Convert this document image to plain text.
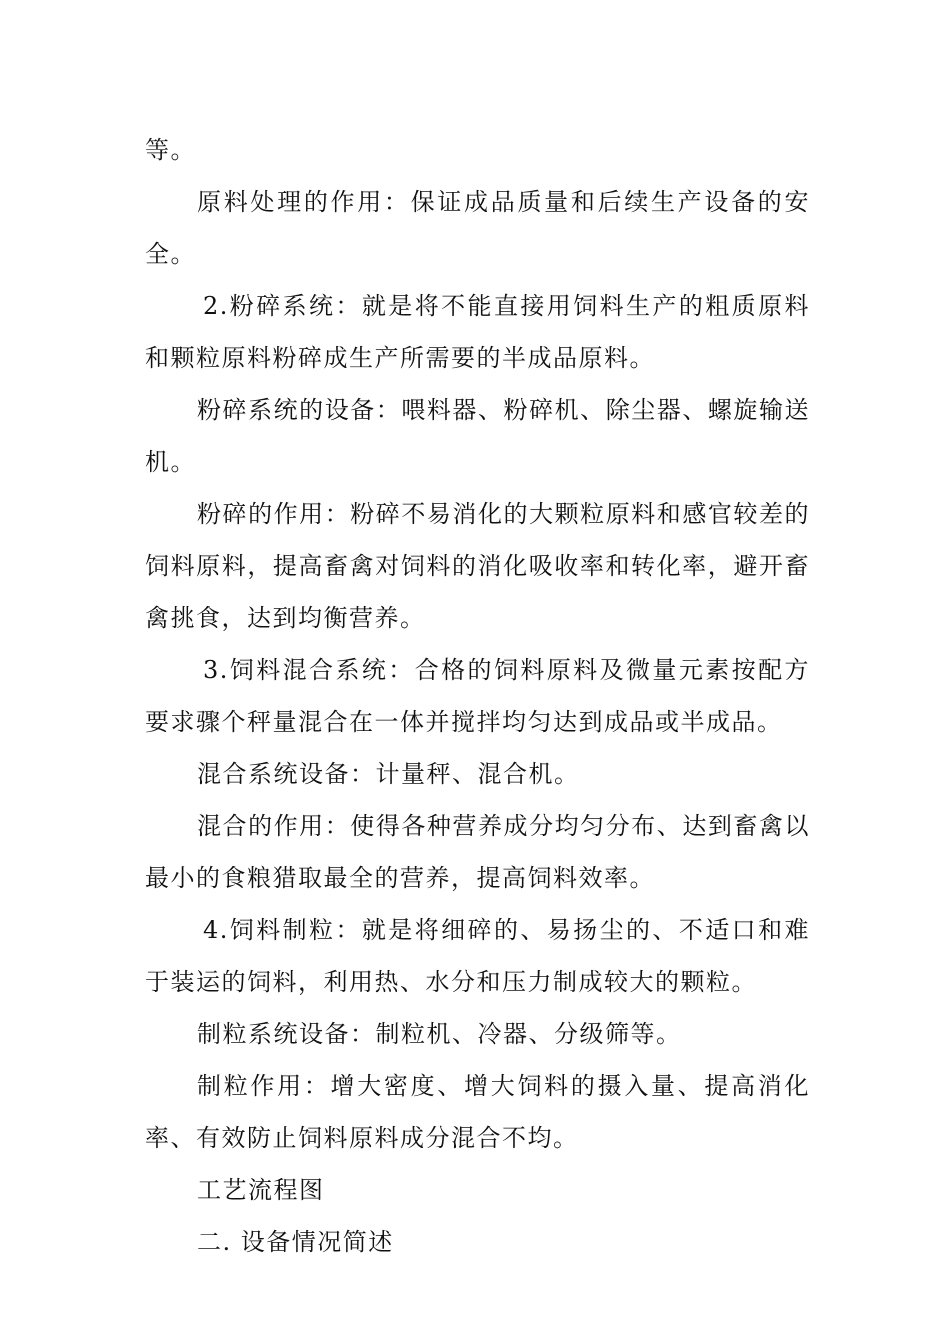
等。

原料处理的作用：保证成品质量和后续生产设备的安全。

2.粉碎系统：就是将不能直接用饲料生产的粗质原料和颗粒原料粉碎成生产所需要的半成品原料。

粉碎系统的设备：喂料器、粉碎机、除尘器、螺旋输送机。

粉碎的作用：粉碎不易消化的大颗粒原料和感官较差的饲料原料，提高畜禽对饲料的消化吸收率和转化率，避开畜禽挑食，达到均衡营养。

3.饲料混合系统：合格的饲料原料及微量元素按配方要求骤个秤量混合在一体并搅拌均匀达到成品或半成品。

混合系统设备：计量秤、混合机。

混合的作用：使得各种营养成分均匀分布、达到畜禽以最小的食粮猎取最全的营养，提高饲料效率。

4.饲料制粒：就是将细碎的、易扬尘的、不适口和难于装运的饲料，利用热、水分和压力制成较大的颗粒。

制粒系统设备：制粒机、冷器、分级筛等。

制粒作用：增大密度、增大饲料的摄入量、提高消化率、有效防止饲料原料成分混合不均。

工艺流程图

二. 设备情况简述
